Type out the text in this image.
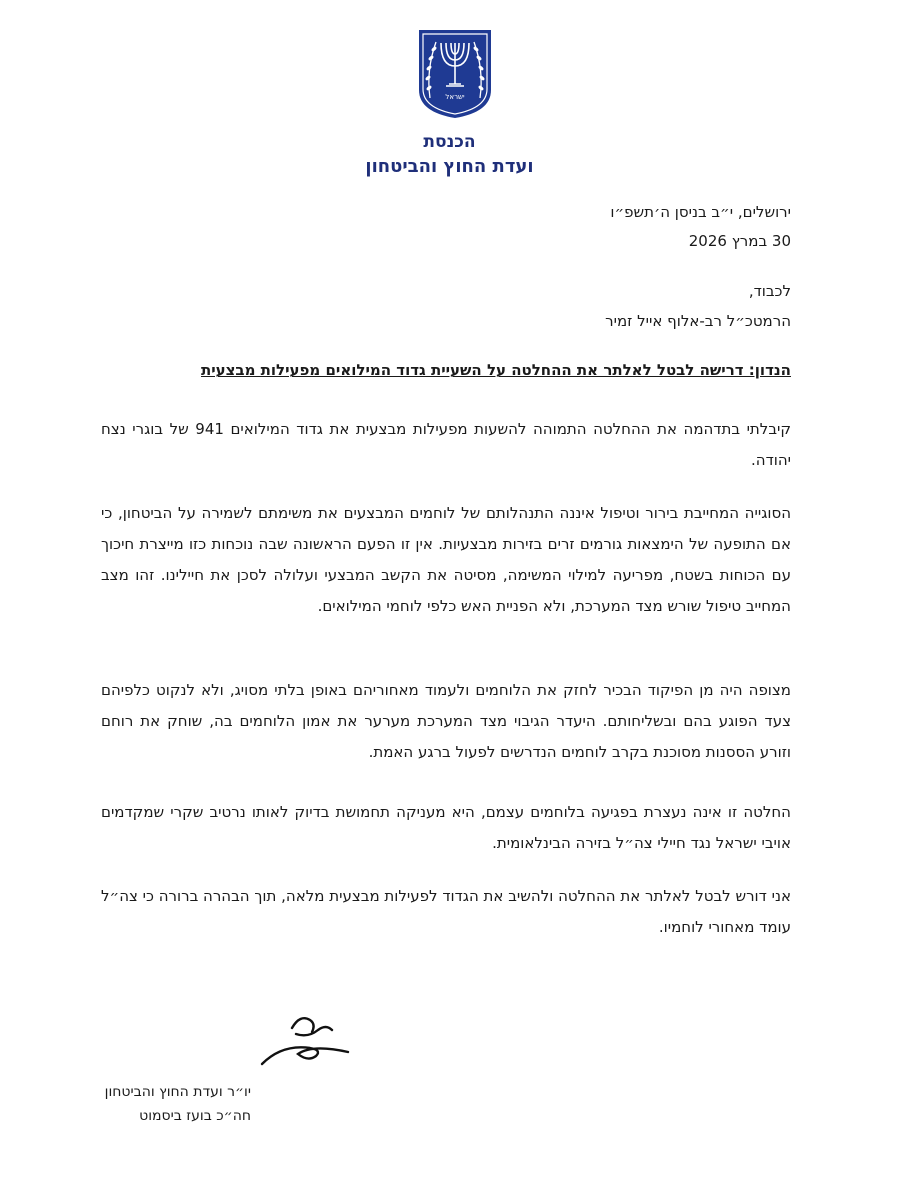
ישראל
הכנסת
ועדת החוץ והביטחון
ירושלים, י״ב בניסן ה׳תשפ״ו
30 במרץ 2026
לכבוד,
הרמטכ״ל רב-אלוף אייל זמיר
הנדון: דרישה לבטל לאלתר את ההחלטה על השעיית גדוד המילואים מפעילות מבצעית

קיבלתי בתדהמה את ההחלטה התמוהה להשעות מפעילות מבצעית את גדוד המילואים 941 של בוגרי נצח יהודה.

הסוגייה המחייבת בירור וטיפול איננה התנהלותם של לוחמים המבצעים את משימתם לשמירה על הביטחון, כי אם התופעה של הימצאות גורמים זרים בזירות מבצעיות. אין זו הפעם הראשונה שבה נוכחות כזו מייצרת חיכוך עם הכוחות בשטח, מפריעה למילוי המשימה, מסיטה את הקשב המבצעי ועלולה לסכן את חיילינו. זהו מצב המחייב טיפול שורש מצד המערכת, ולא הפניית האש כלפי לוחמי המילואים.

מצופה היה מן הפיקוד הבכיר לחזק את הלוחמים ולעמוד מאחוריהם באופן בלתי מסויג, ולא לנקוט כלפיהם צעד הפוגע בהם ובשליחותם. היעדר הגיבוי מצד המערכת מערער את אמון הלוחמים בה, שוחק את רוחם וזורע הססנות מסוכנת בקרב לוחמים הנדרשים לפעול ברגע האמת.

החלטה זו אינה נעצרת בפגיעה בלוחמים עצמם, היא מעניקה תחמושת בדיוק לאותו נרטיב שקרי שמקדמים אויבי ישראל נגד חיילי צה״ל בזירה הבינלאומית.

אני דורש לבטל לאלתר את ההחלטה ולהשיב את הגדוד לפעילות מבצעית מלאה, תוך הבהרה ברורה כי צה״ל עומד מאחורי לוחמיו.

יו״ר ועדת החוץ והביטחון
חה״כ בועז ביסמוט
